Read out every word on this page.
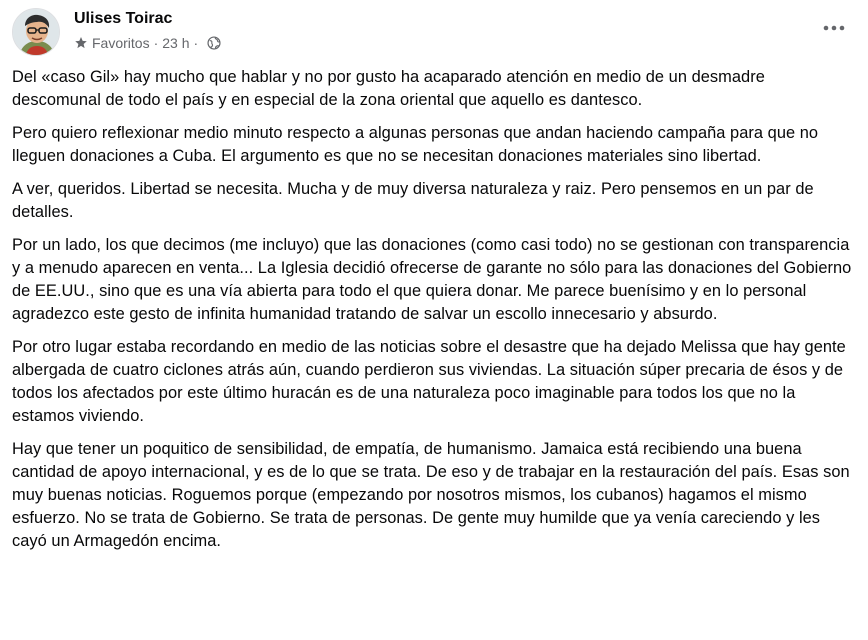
Ulises Toirac
Favoritos · 23 h ·

Del «caso Gil» hay mucho que hablar y no por gusto ha acaparado atención en medio de un desmadre descomunal de todo el país y en especial de la zona oriental que aquello es dantesco.

Pero quiero reflexionar medio minuto respecto a algunas personas que andan haciendo campaña para que no lleguen donaciones a Cuba. El argumento es que no se necesitan donaciones materiales sino libertad.

A ver, queridos. Libertad se necesita. Mucha y de muy diversa naturaleza y raiz. Pero pensemos en un par de detalles.

Por un lado, los que decimos (me incluyo) que las donaciones (como casi todo) no se gestionan con transparencia y a menudo aparecen en venta... La Iglesia decidió ofrecerse de garante no sólo para las donaciones del Gobierno de EE.UU., sino que es una vía abierta para todo el que quiera donar. Me parece buenísimo y en lo personal agradezco este gesto de infinita humanidad tratando de salvar un escollo innecesario y absurdo.

Por otro lugar estaba recordando en medio de las noticias sobre el desastre que ha dejado Melissa que hay gente albergada de cuatro ciclones atrás aún, cuando perdieron sus viviendas. La situación súper precaria de ésos y de todos los afectados por este último huracán es de una naturaleza poco imaginable para todos los que no la estamos viviendo.

Hay que tener un poquitico de sensibilidad, de empatía, de humanismo. Jamaica está recibiendo una buena cantidad de apoyo internacional, y es de lo que se trata. De eso y de trabajar en la restauración del país. Esas son muy buenas noticias. Roguemos porque (empezando por nosotros mismos, los cubanos) hagamos el mismo esfuerzo. No se trata de Gobierno. Se trata de personas. De gente muy humilde que ya venía careciendo y les cayó un Armagedón encima.
